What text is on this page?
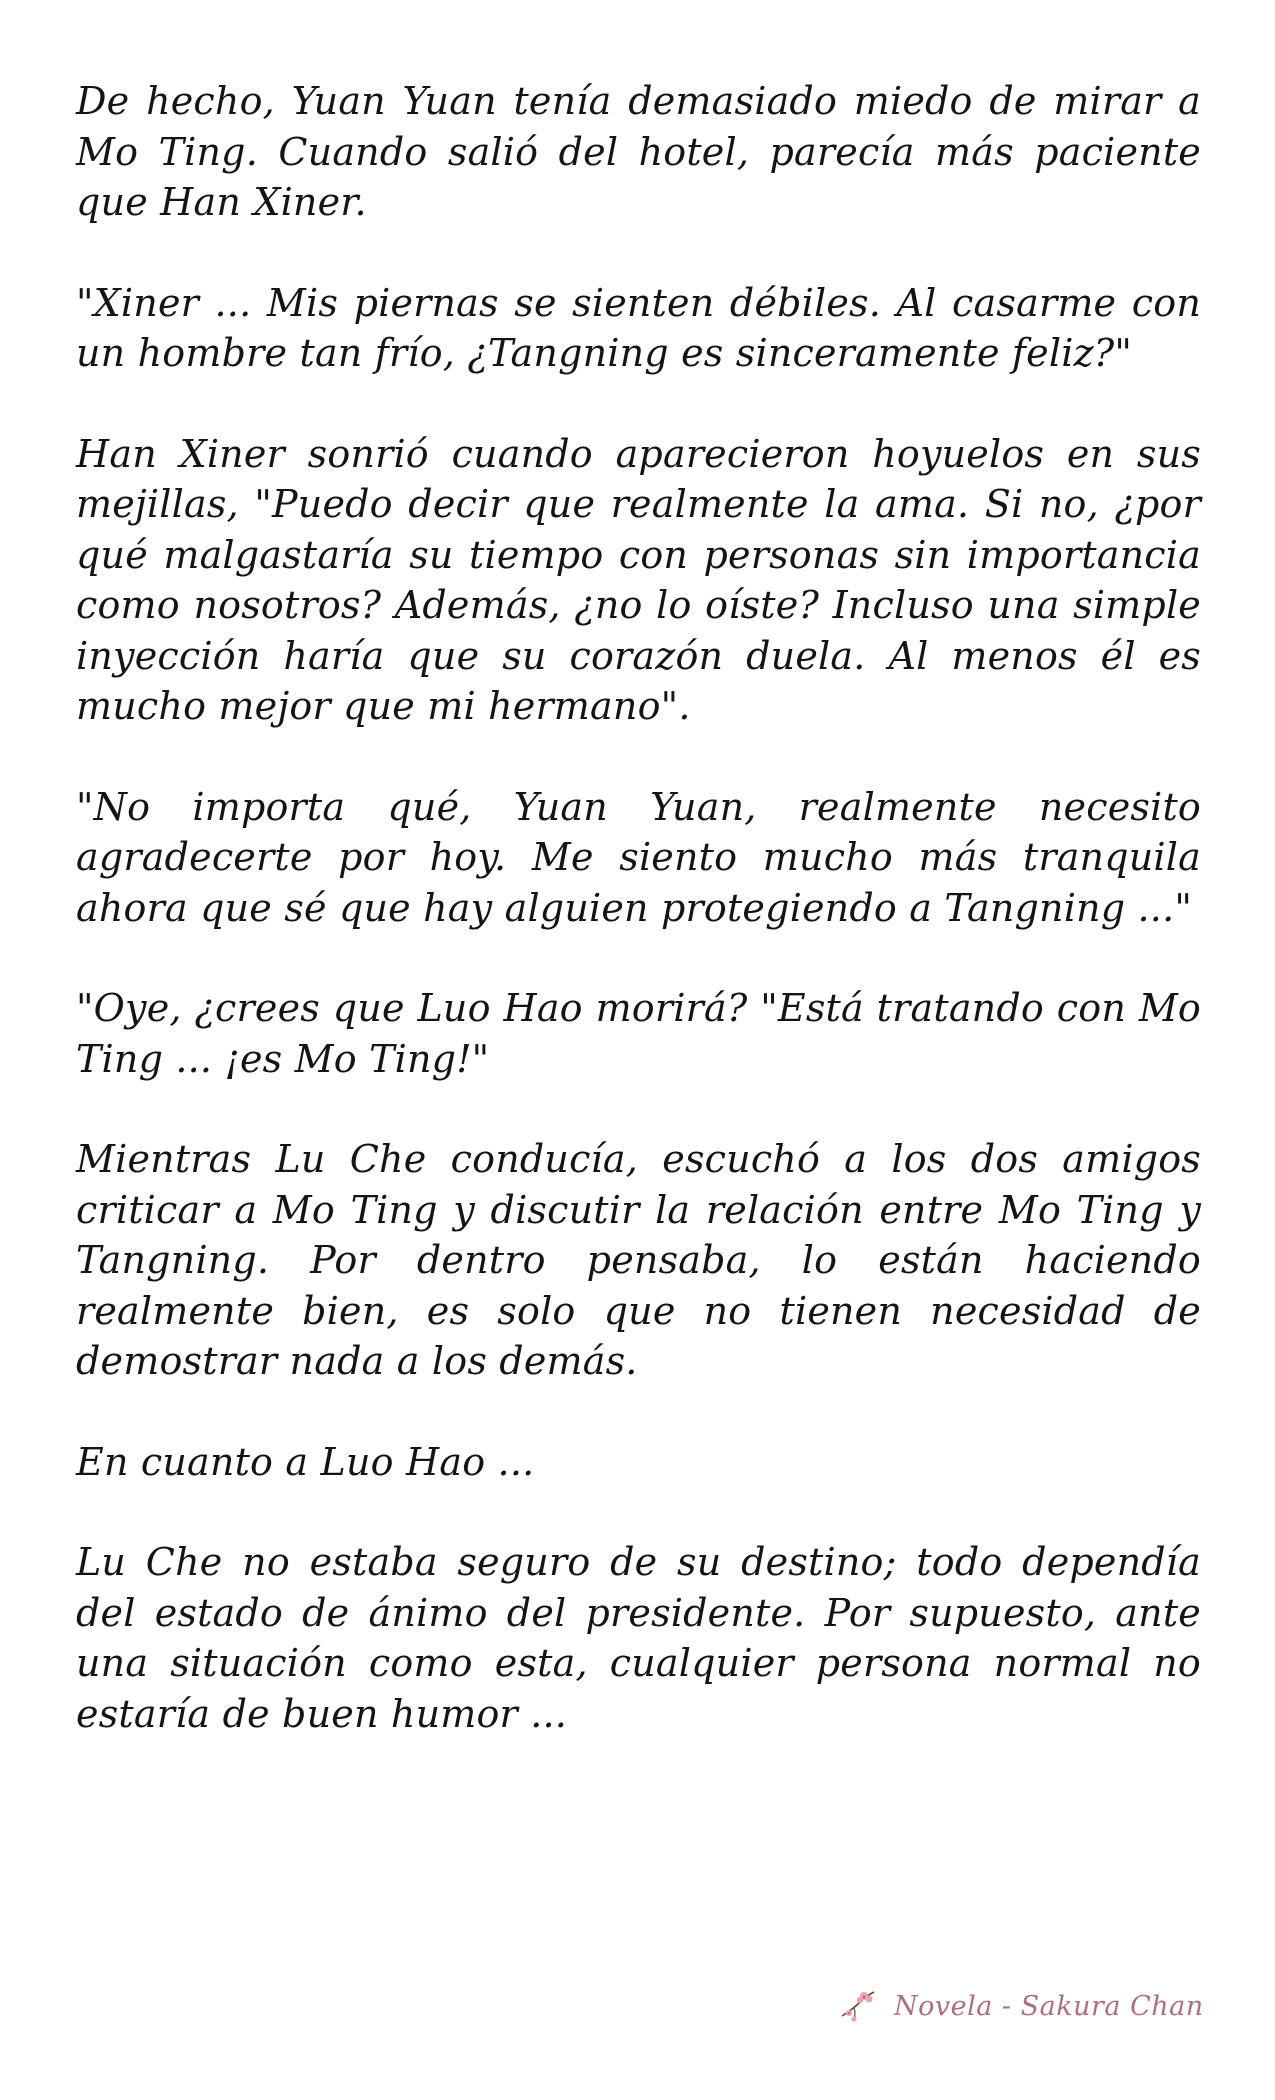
De hecho, Yuan Yuan tenía demasiado miedo de mirar a Mo Ting. Cuando salió del hotel, parecía más paciente que Han Xiner.

"Xiner ... Mis piernas se sienten débiles. Al casarme con un hombre tan frío, ¿Tangning es sinceramente feliz?"

Han Xiner sonrió cuando aparecieron hoyuelos en sus mejillas, "Puedo decir que realmente la ama. Si no, ¿por qué malgastaría su tiempo con personas sin importancia como nosotros? Además, ¿no lo oíste? Incluso una simple inyección haría que su corazón duela. Al menos él es mucho mejor que mi hermano".

"No importa qué, Yuan Yuan, realmente necesito agradecerte por hoy. Me siento mucho más tranquila ahora que sé que hay alguien protegiendo a Tangning ..."

"Oye, ¿crees que Luo Hao morirá? "Está tratando con Mo Ting ... ¡es Mo Ting!"

Mientras Lu Che conducía, escuchó a los dos amigos criticar a Mo Ting y discutir la relación entre Mo Ting y Tangning. Por dentro pensaba, lo están haciendo realmente bien, es solo que no tienen necesidad de demostrar nada a los demás.

En cuanto a Luo Hao ...

Lu Che no estaba seguro de su destino; todo dependía del estado de ánimo del presidente. Por supuesto, ante una situación como esta, cualquier persona normal no estaría de buen humor ...

Novela - Sakura Chan
